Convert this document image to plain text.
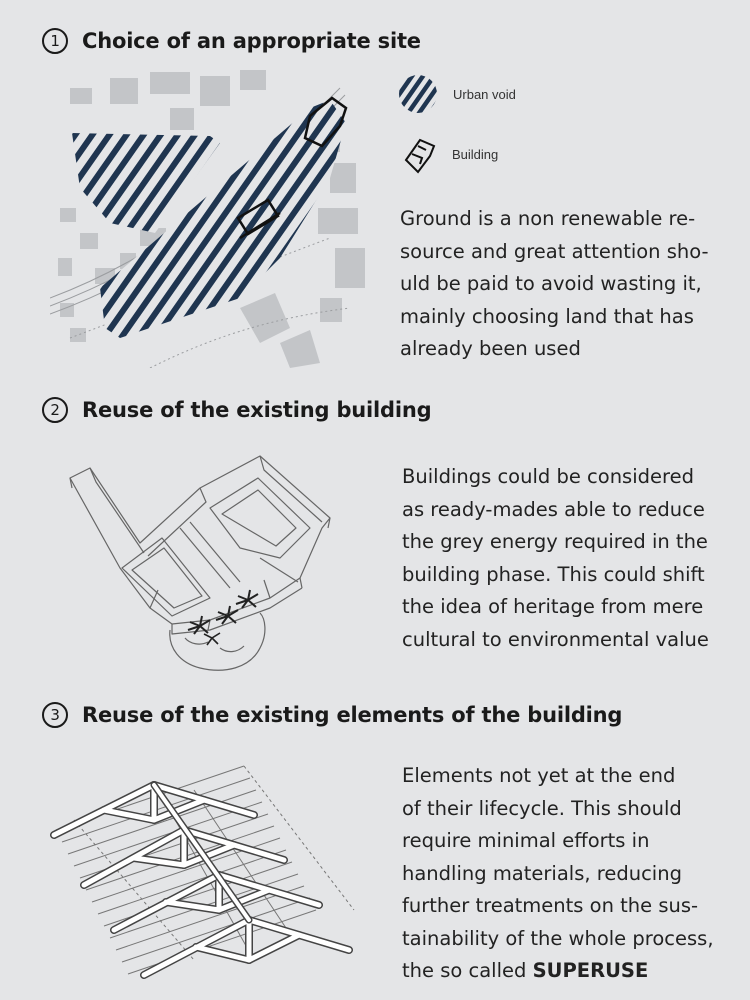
1	Choice of an appropriate site
Urban void
Building
Ground is a non renewable re-
source and great attention sho-
uld be paid to avoid wasting it,
mainly choosing land that has
already been used
2	Reuse of the existing building
Buildings could be considered
as ready-mades able to reduce
the grey energy required in the
building phase. This could shift
the idea of heritage from mere
cultural to environmental value
3	Reuse of the existing elements of the building
Elements not yet at the end
of their lifecycle. This should
require minimal efforts in
handling materials, reducing
further treatments on the sus-
tainability of the whole process,
the so called SUPERUSE
